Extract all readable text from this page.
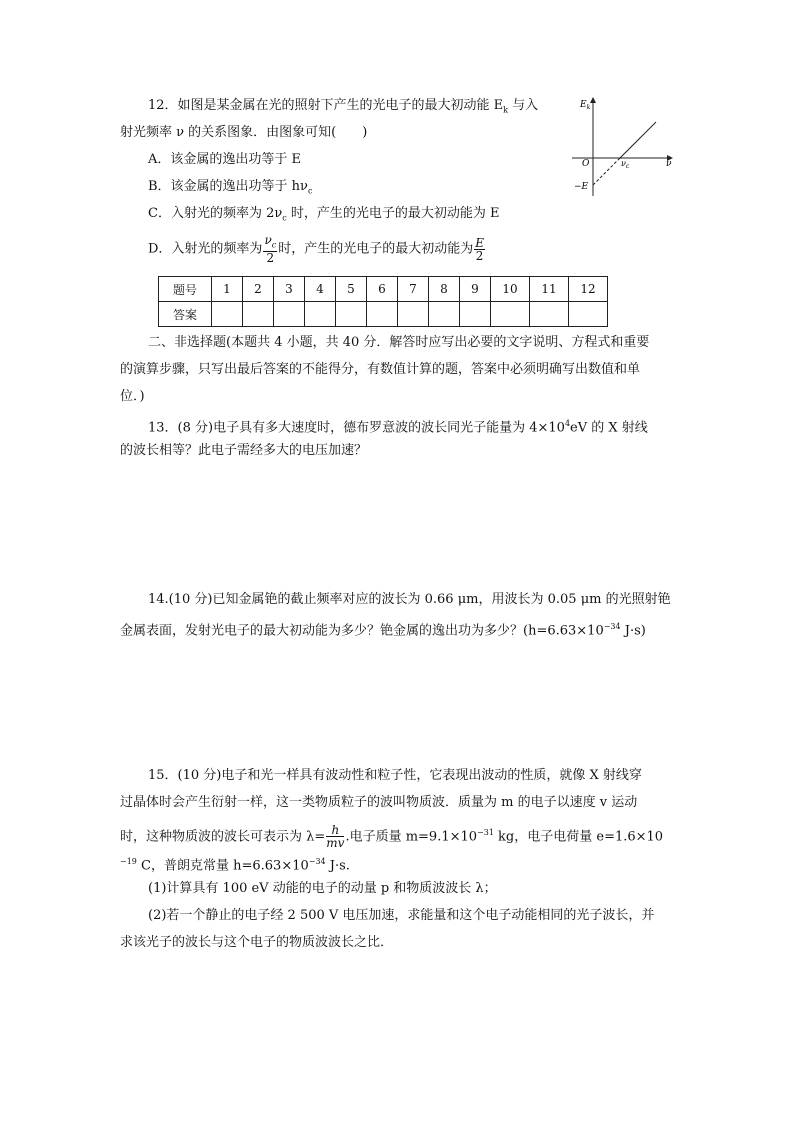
12．如图是某金属在光的照射下产生的光电子的最大初动能 $E_k$ 与入
射光频率 ν 的关系图象．由图象可知(　　)
A．该金属的逸出功等于 E
B．该金属的逸出功等于 $h\nu_c$
C．入射光的频率为 $2\nu_c$ 时，产生的光电子的最大初动能为 E
D．入射光的频率为 $\frac{\nu_c}{2}$ 时，产生的光电子的最大初动能为 $\frac{E}{2}$
$E_k$
ν
O	$\nu_c$
−E
题号	1	2	3	4	5	6	7	8	9	10	11	12
答案												
二、非选择题(本题共 4 小题，共 40 分．解答时应写出必要的文字说明、方程式和重要
的演算步骤，只写出最后答案的不能得分，有数值计算的题，答案中必须明确写出数值和单
位．)
13．(8 分)电子具有多大速度时，德布罗意波的波长同光子能量为 $4\times 10^4eV$ 的 X 射线
的波长相等？此电子需经多大的电压加速？
14.(10 分)已知金属铯的截止频率对应的波长为 0.66 μm，用波长为 0.05 μm 的光照射铯
金属表面，发射光电子的最大初动能为多少？铯金属的逸出功为多少？($h=6.63\times 10^{-34}$ J·s)
15．(10 分)电子和光一样具有波动性和粒子性，它表现出波动的性质，就像 X 射线穿
过晶体时会产生衍射一样，这一类物质粒子的波叫物质波．质量为 m 的电子以速度 v 运动
时，这种物质波的波长可表示为 $\lambda= \frac{h}{mv}$ .电子质量 $m=9.1\times 10^{-31}$ kg，电子电荷量 e=1.6×10
$^{-19}$ C，普朗克常量 $h=6.63\times 10^{-34}$ J·s.
(1)计算具有 100 eV 动能的电子的动量 p 和物质波波长 λ；
(2)若一个静止的电子经 2 500 V 电压加速，求能量和这个电子动能相同的光子波长，并
求该光子的波长与这个电子的物质波波长之比．
